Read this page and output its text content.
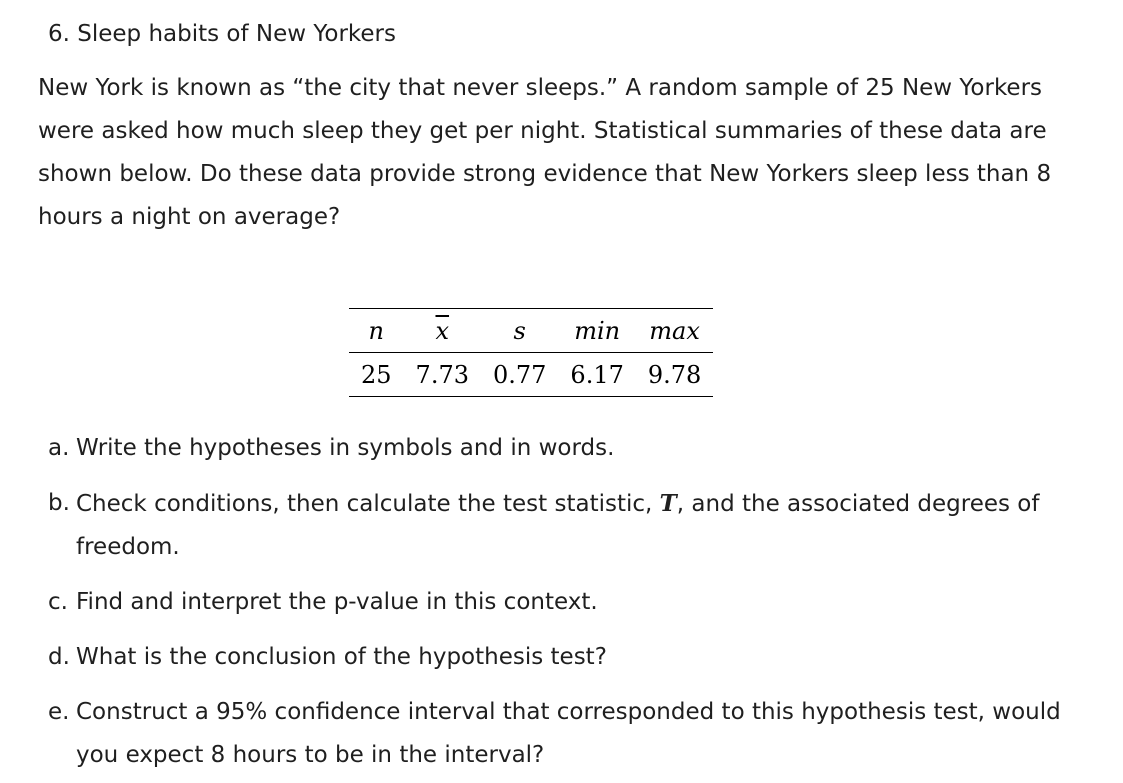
6. Sleep habits of New Yorkers

New York is known as “the city that never sleeps.” A random sample of 25 New Yorkers were asked how much sleep they get per night. Statistical summaries of these data are shown below. Do these data provide strong evidence that New Yorkers sleep less than 8 hours a night on average?

n	$\overline{x}$	s	min	max
25	7.73	0.77	6.17	9.78
a. Write the hypotheses in symbols and in words.
b. Check conditions, then calculate the test statistic, T, and the associated degrees of freedom.
c. Find and interpret the p-value in this context.
d. What is the conclusion of the hypothesis test?
e. Construct a 95% confidence interval that corresponded to this hypothesis test, would you expect 8 hours to be in the interval?
